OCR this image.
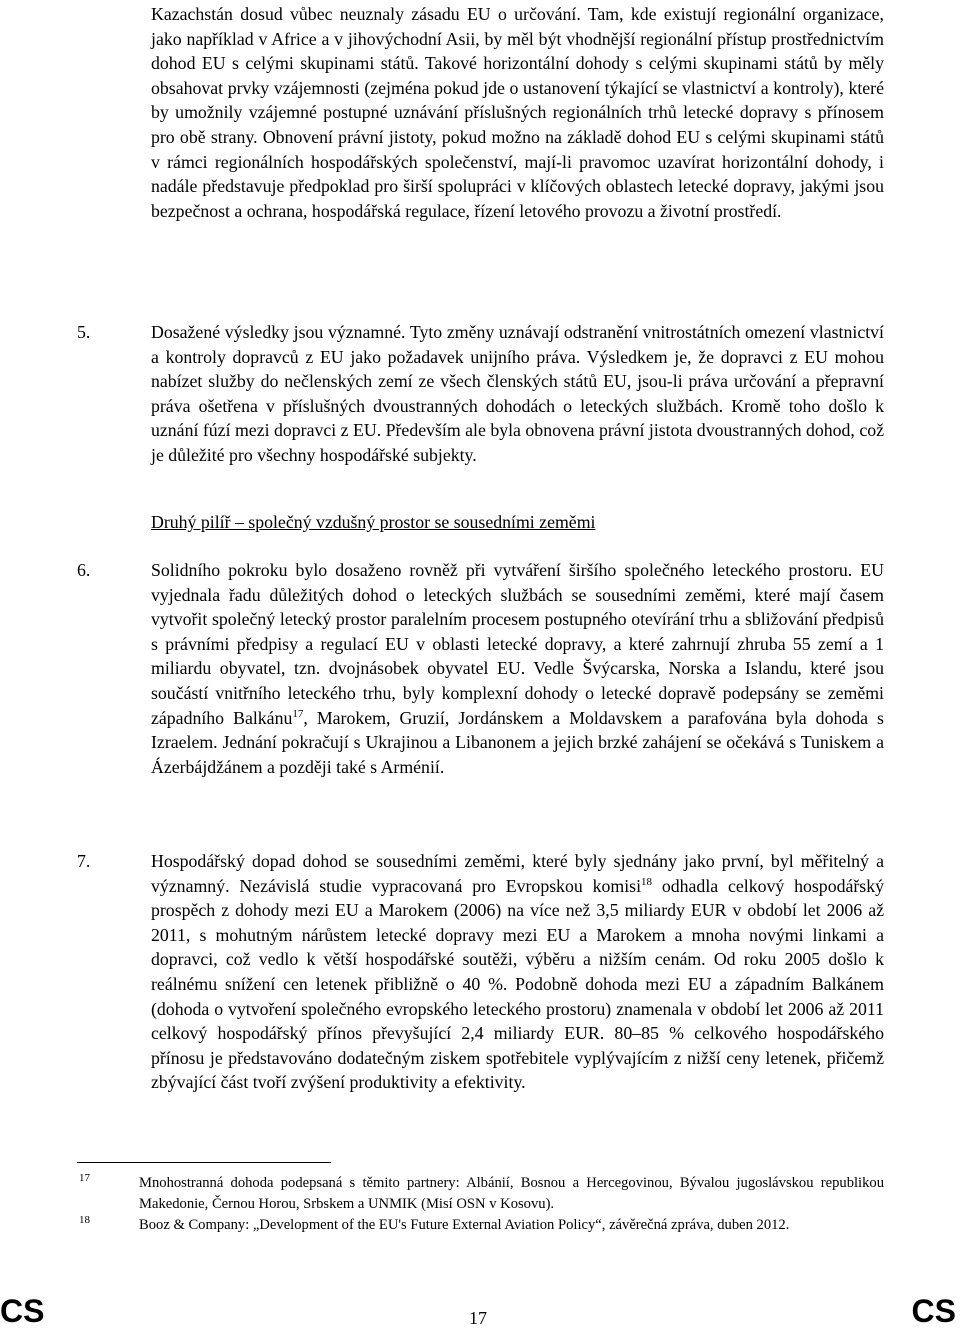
Kazachstán dosud vůbec neuznaly zásadu EU o určování. Tam, kde existují regionální organizace, jako například v Africe a v jihovýchodní Asii, by měl být vhodnější regionální přístup prostřednictvím dohod EU s celými skupinami států. Takové horizontální dohody s celými skupinami států by měly obsahovat prvky vzájemnosti (zejména pokud jde o ustanovení týkající se vlastnictví a kontroly), které by umožnily vzájemné postupné uznávání příslušných regionálních trhů letecké dopravy s přínosem pro obě strany. Obnovení právní jistoty, pokud možno na základě dohod EU s celými skupinami států v rámci regionálních hospodářských společenství, mají-li pravomoc uzavírat horizontální dohody, i nadále představuje předpoklad pro širší spolupráci v klíčových oblastech letecké dopravy, jakými jsou bezpečnost a ochrana, hospodářská regulace, řízení letového provozu a životní prostředí.

5.	Dosažené výsledky jsou významné. Tyto změny uznávají odstranění vnitrostátních omezení vlastnictví a kontroly dopravců z EU jako požadavek unijního práva. Výsledkem je, že dopravci z EU mohou nabízet služby do nečlenských zemí ze všech členských států EU, jsou-li práva určování a přepravní práva ošetřena v příslušných dvoustranných dohodách o leteckých službách. Kromě toho došlo k uznání fúzí mezi dopravci z EU. Především ale byla obnovena právní jistota dvoustranných dohod, což je důležité pro všechny hospodářské subjekty.

Druhý pilíř – společný vzdušný prostor se sousedními zeměmi
6.	Solidního pokroku bylo dosaženo rovněž při vytváření širšího společného leteckého prostoru. EU vyjednala řadu důležitých dohod o leteckých službách se sousedními zeměmi, které mají časem vytvořit společný letecký prostor paralelním procesem postupného otevírání trhu a sbližování předpisů s právními předpisy a regulací EU v oblasti letecké dopravy, a které zahrnují zhruba 55 zemí a 1 miliardu obyvatel, tzn. dvojnásobek obyvatel EU. Vedle Švýcarska, Norska a Islandu, které jsou součástí vnitřního leteckého trhu, byly komplexní dohody o letecké dopravě podepsány se zeměmi západního Balkánu$^{17}$, Marokem, Gruzií, Jordánskem a Moldavskem a parafována byla dohoda s Izraelem. Jednání pokračují s Ukrajinou a Libanonem a jejich brzké zahájení se očekává s Tuniskem a Ázerbájdžánem a později také s Arménií.

7.	Hospodářský dopad dohod se sousedními zeměmi, které byly sjednány jako první, byl měřitelný a významný. Nezávislá studie vypracovaná pro Evropskou komisi$^{18}$ odhadla celkový hospodářský prospěch z dohody mezi EU a Marokem (2006) na více než 3,5 miliardy EUR v období let 2006 až 2011, s mohutným nárůstem letecké dopravy mezi EU a Marokem a mnoha novými linkami a dopravci, což vedlo k větší hospodářské soutěži, výběru a nižším cenám. Od roku 2005 došlo k reálnému snížení cen letenek přibližně o 40 %. Podobně dohoda mezi EU a západním Balkánem (dohoda o vytvoření společného evropského leteckého prostoru) znamenala v období let 2006 až 2011 celkový hospodářský přínos převyšující 2,4 miliardy EUR. 80–85 % celkového hospodářského přínosu je představováno dodatečným ziskem spotřebitele vyplývajícím z nižší ceny letenek, přičemž zbývající část tvoří zvýšení produktivity a efektivity.

17	Mnohostranná dohoda podepsaná s těmito partnery: Albánií, Bosnou a Hercegovinou, Bývalou jugoslávskou republikou Makedonie, Černou Horou, Srbskem a UNMIK (Misí OSN v Kosovu).

18	Booz & Company: „Development of the EU's Future External Aviation Policy“, závěrečná zpráva, duben 2012.

CS	17	CS
